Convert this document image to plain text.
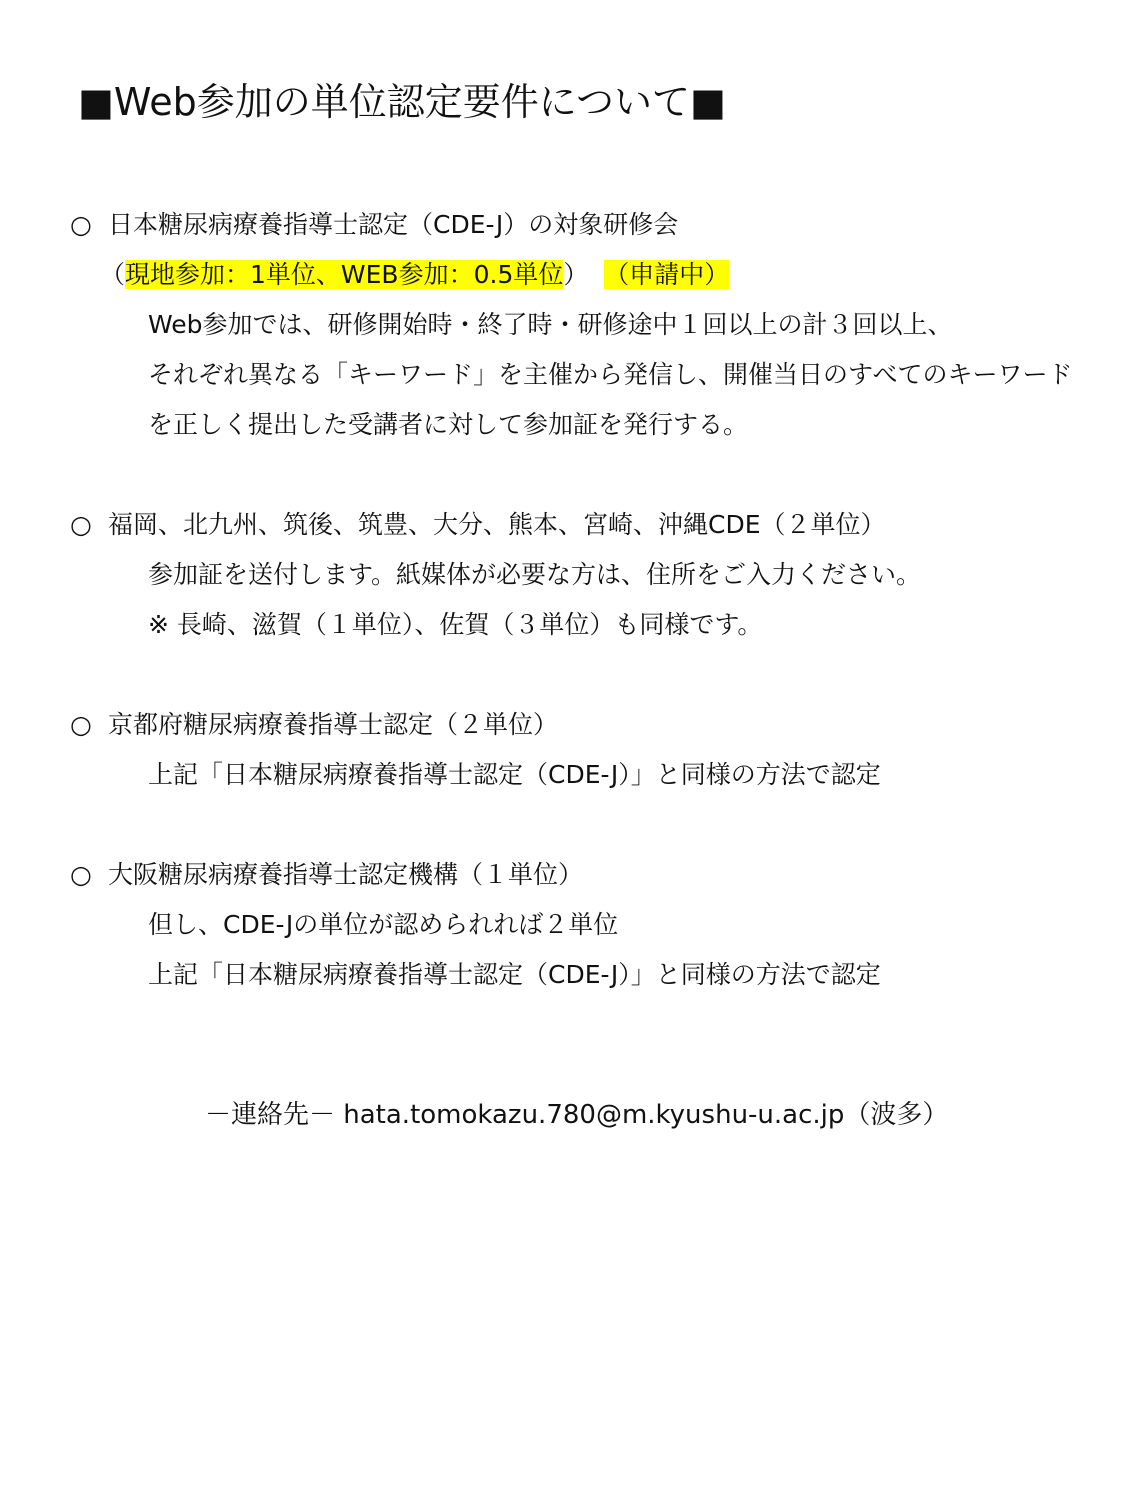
■Web参加の単位認定要件について■
○ 日本糖尿病療養指導士認定（CDE-J）の対象研修会
（現地参加：1単位、WEB参加：0.5単位） （申請中）
Web参加では、研修開始時・終了時・研修途中１回以上の計３回以上、
それぞれ異なる「キーワード」を主催から発信し、開催当日のすべてのキーワード
を正しく提出した受講者に対して参加証を発行する。
○ 福岡、北九州、筑後、筑豊、大分、熊本、宮崎、沖縄CDE（２単位）
参加証を送付します。紙媒体が必要な方は、住所をご入力ください。
※ 長崎、滋賀（１単位）、佐賀（３単位）も同様です。
○ 京都府糖尿病療養指導士認定（２単位）
上記「日本糖尿病療養指導士認定（CDE-J）」と同様の方法で認定
○ 大阪糖尿病療養指導士認定機構（１単位）
但し、CDE-Jの単位が認められれば２単位
上記「日本糖尿病療養指導士認定（CDE-J）」と同様の方法で認定
－連絡先－ hata.tomokazu.780@m.kyushu-u.ac.jp（波多）
